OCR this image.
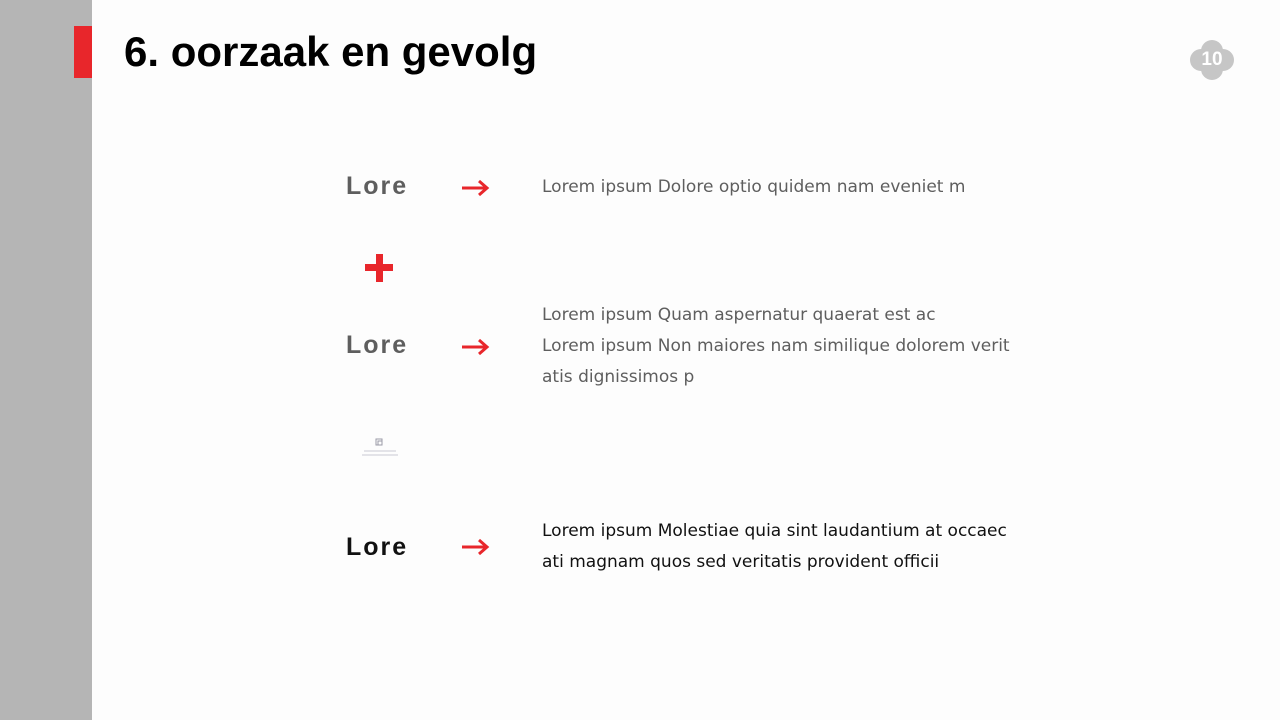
6. oorzaak en gevolg	10
Lore	Lorem ipsum Dolore optio quidem nam eveniet m

Lore

Lorem ipsum Quam aspernatur quaerat est ac
Lorem ipsum Non maiores nam similique dolorem verit
atis dignissimos p

Lore

Lorem ipsum Molestiae quia sint laudantium at occaec
ati magnam quos sed veritatis provident officii
